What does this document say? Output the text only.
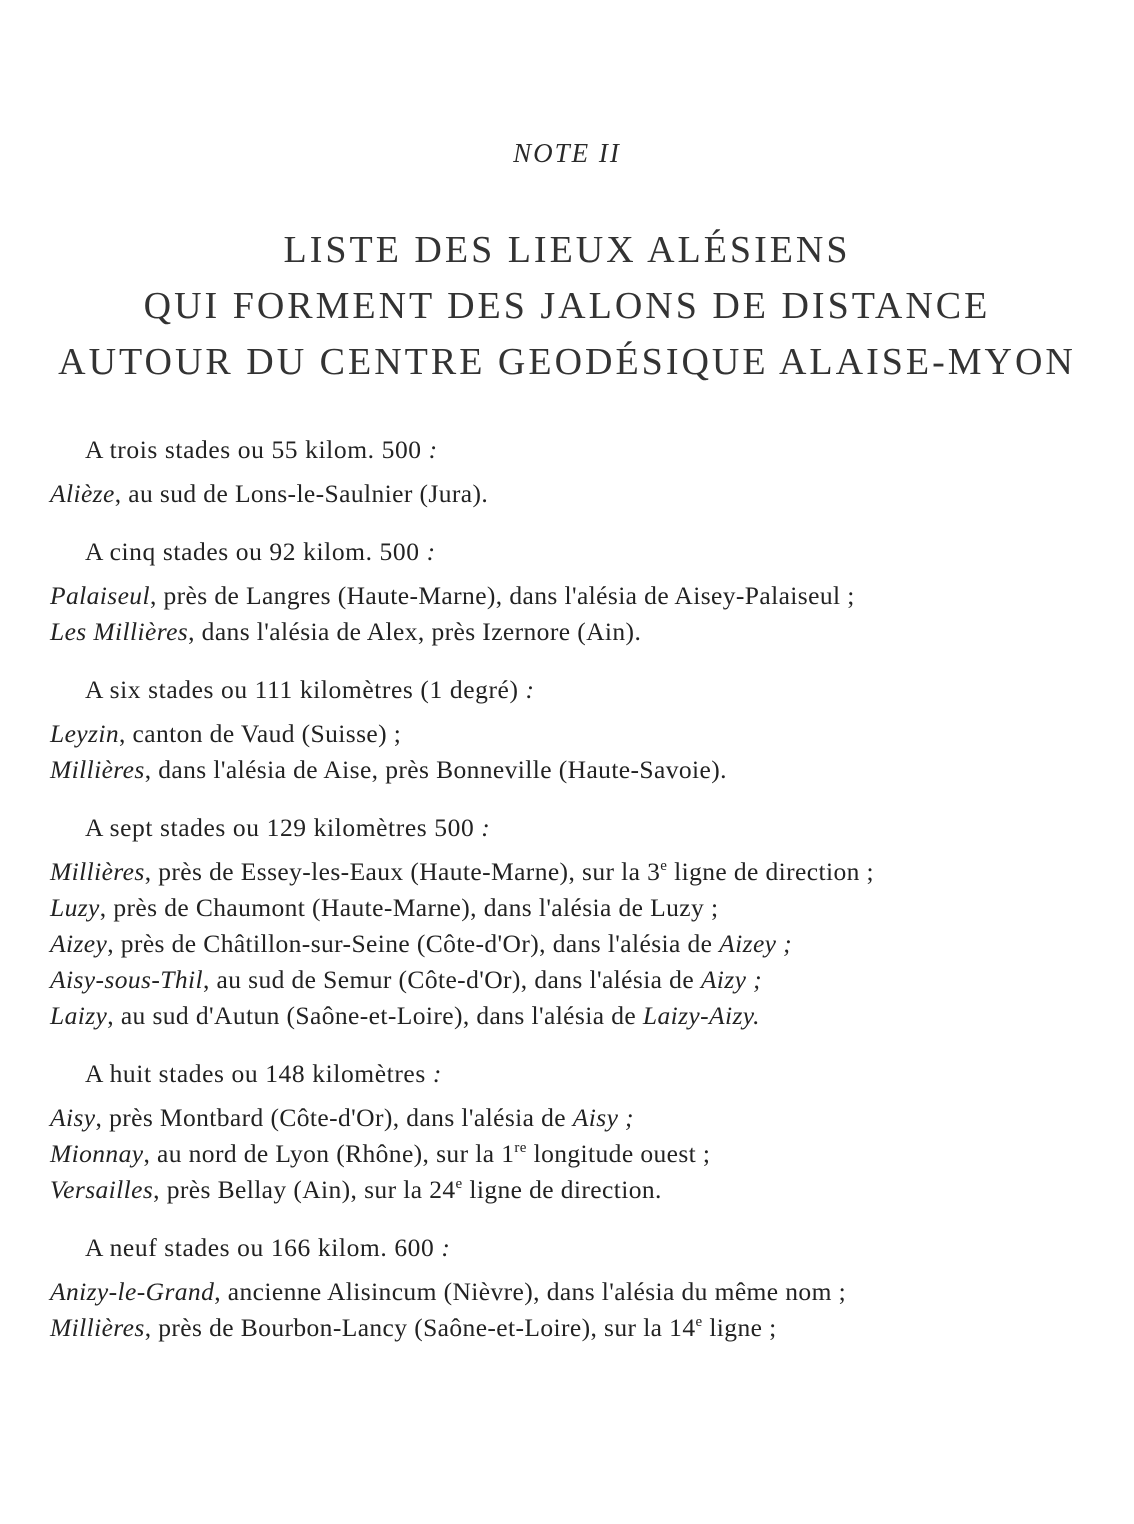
NOTE II
LISTE DES LIEUX ALÉSIENS
QUI FORMENT DES JALONS DE DISTANCE
AUTOUR DU CENTRE GEODÉSIQUE ALAISE-MYON
A trois stades ou 55 kilom. 500 :
Alièze, au sud de Lons-le-Saulnier (Jura).
A cinq stades ou 92 kilom. 500 :
Palaiseul, près de Langres (Haute-Marne), dans l'alésia de Aisey-Palaiseul ;
Les Millières, dans l'alésia de Alex, près Izernore (Ain).
A six stades ou 111 kilomètres (1 degré) :
Leyzin, canton de Vaud (Suisse) ;
Millières, dans l'alésia de Aise, près Bonneville (Haute-Savoie).
A sept stades ou 129 kilomètres 500 :
Millières, près de Essey-les-Eaux (Haute-Marne), sur la 3e ligne de direction ;
Luzy, près de Chaumont (Haute-Marne), dans l'alésia de Luzy ;
Aizey, près de Châtillon-sur-Seine (Côte-d'Or), dans l'alésia de Aizey ;
Aisy-sous-Thil, au sud de Semur (Côte-d'Or), dans l'alésia de Aizy ;
Laizy, au sud d'Autun (Saône-et-Loire), dans l'alésia de Laizy-Aizy.
A huit stades ou 148 kilomètres :
Aisy, près Montbard (Côte-d'Or), dans l'alésia de Aisy ;
Mionnay, au nord de Lyon (Rhône), sur la 1re longitude ouest ;
Versailles, près Bellay (Ain), sur la 24e ligne de direction.
A neuf stades ou 166 kilom. 600 :
Anizy-le-Grand, ancienne Alisincum (Nièvre), dans l'alésia du même nom ;
Millières, près de Bourbon-Lancy (Saône-et-Loire), sur la 14e ligne ;
